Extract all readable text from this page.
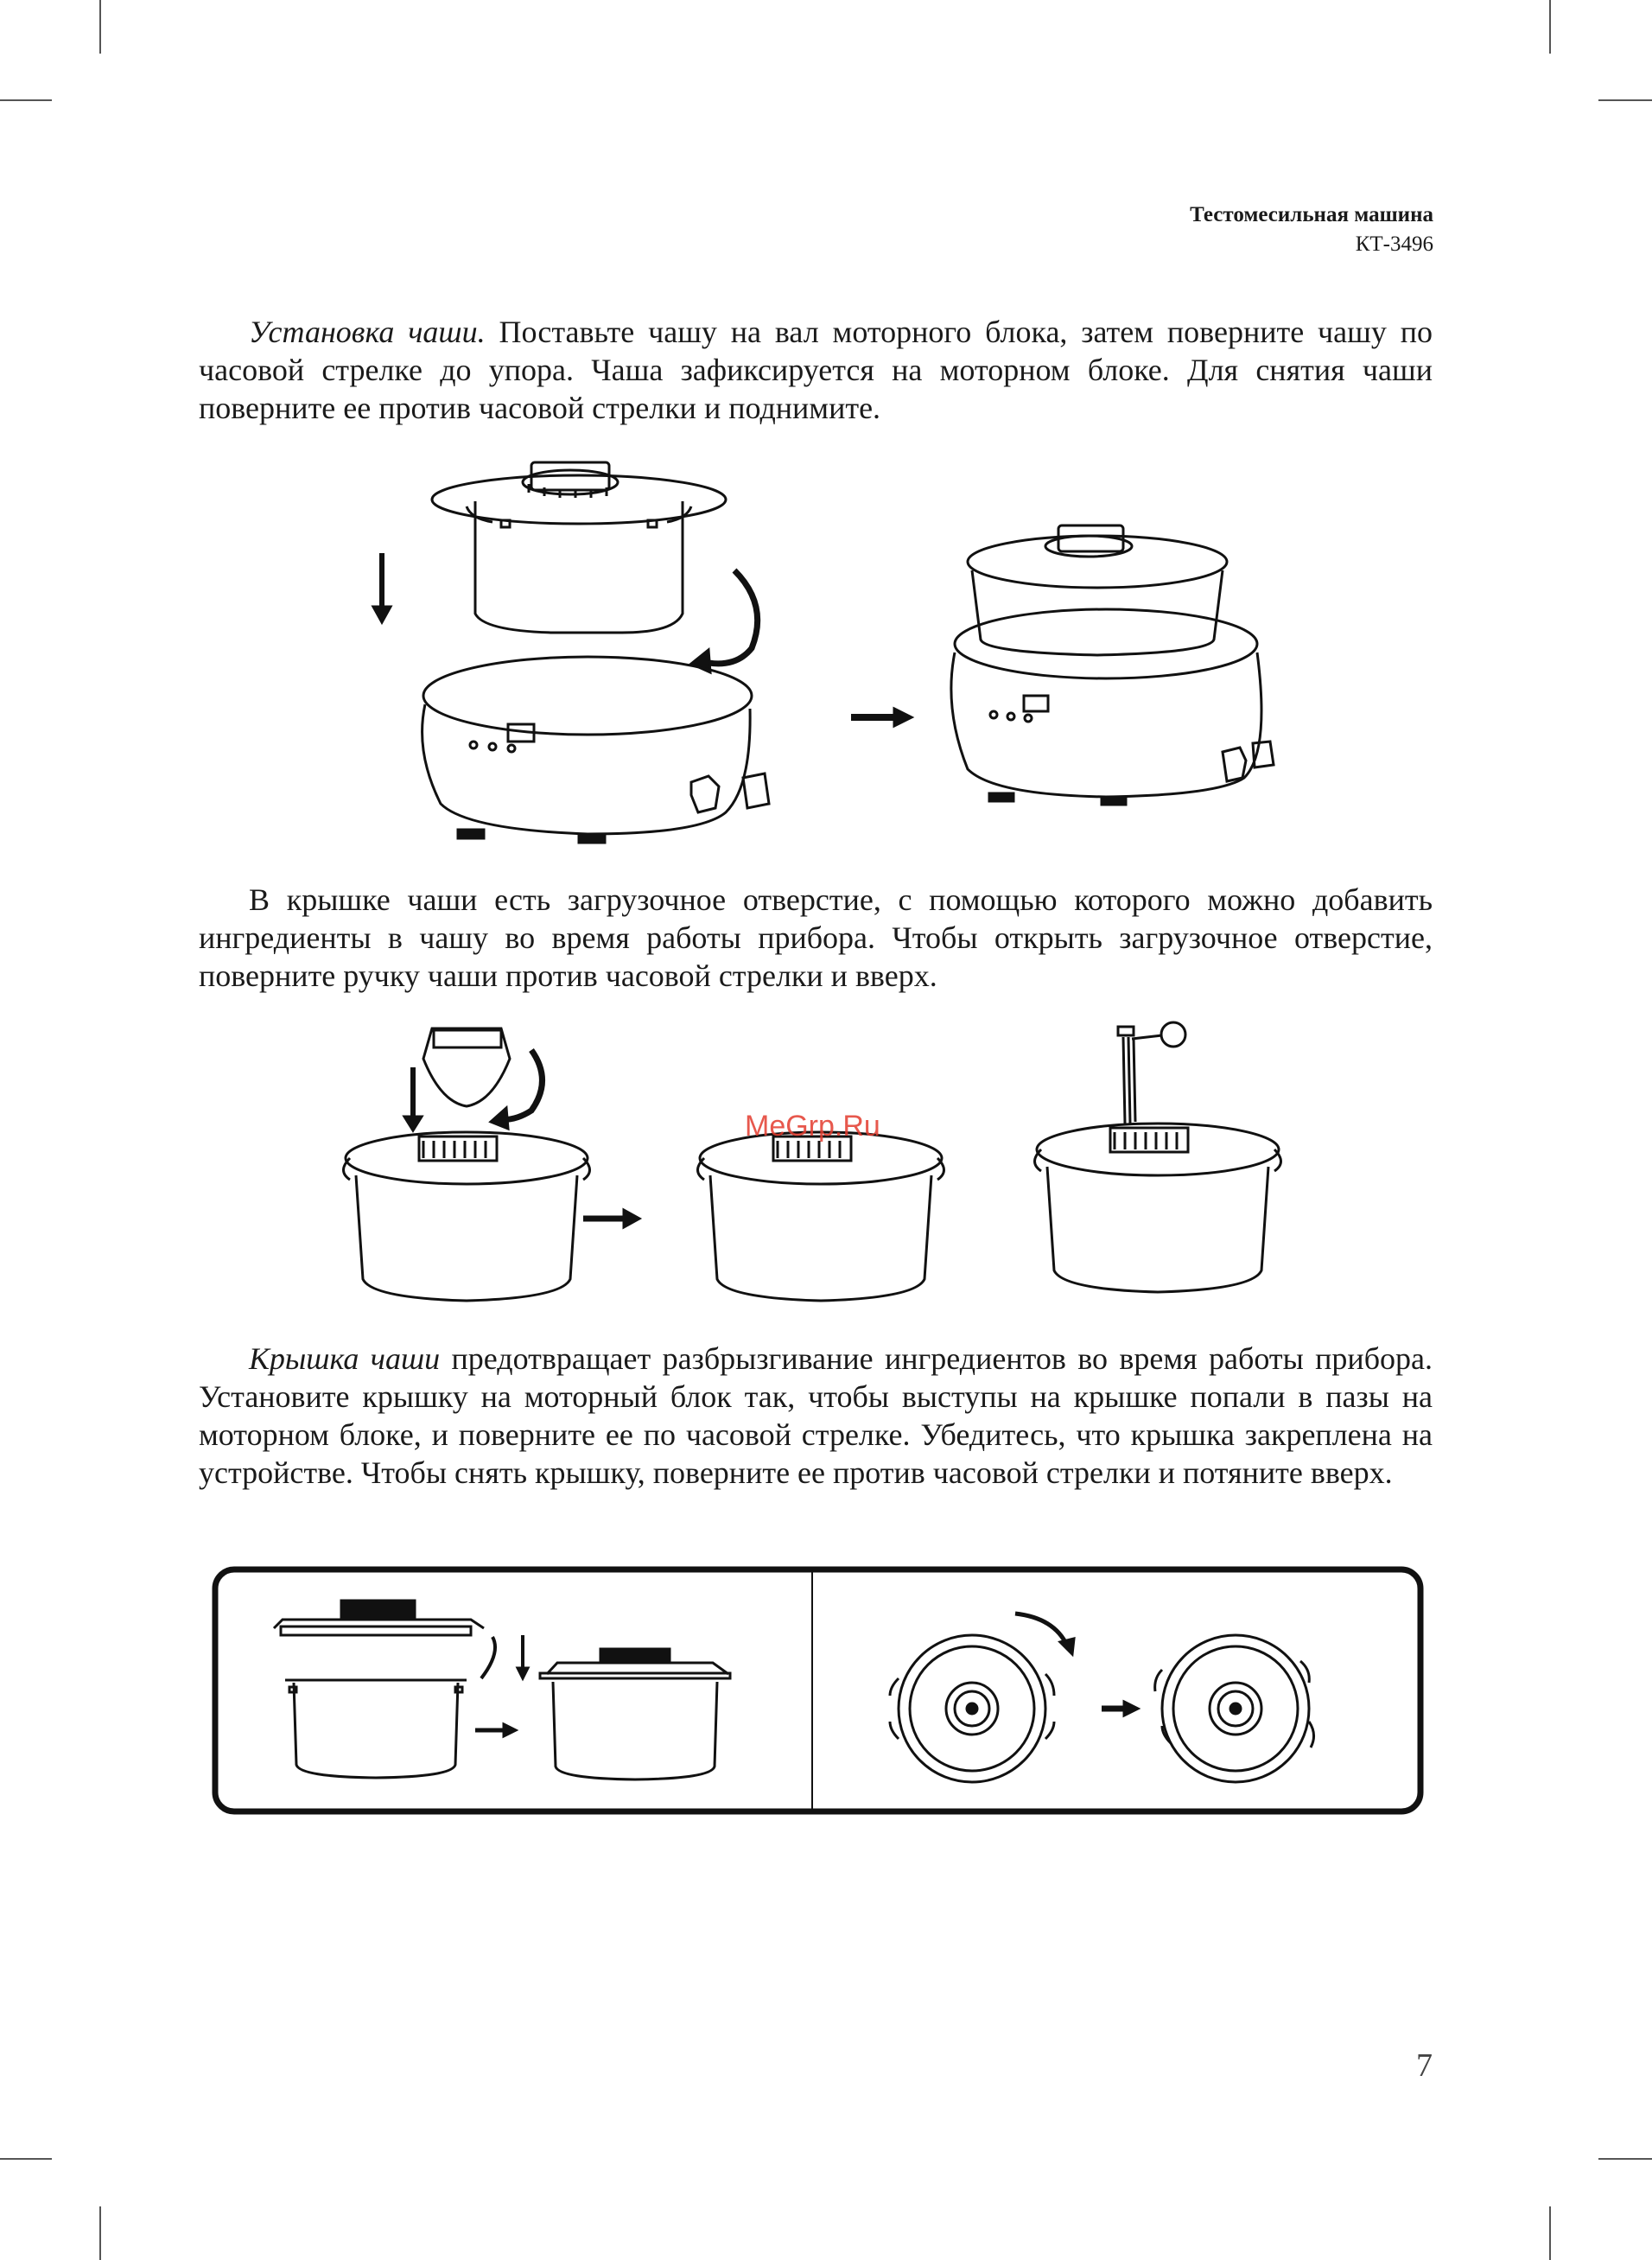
Тестомесильная машина
КТ-3496

Установка чаши. Поставьте чашу на вал моторного блока, затем поверните чашу по часовой стрелке до упора. Чаша зафиксируется на моторном блоке. Для снятия чаши поверните ее против часовой стрелки и поднимите.

В крышке чаши есть загрузочное отверстие, с помощью которого можно добавить ингредиенты в чашу во время работы прибора. Чтобы открыть загрузочное отверстие, поверните ручку чаши против часовой стрелки и вверх.

MeGrp.Ru

Крышка чаши предотвращает разбрызгивание ингредиентов во время работы прибора. Установите крышку на моторный блок так, чтобы выступы на крышке попали в пазы на моторном блоке, и поверните ее по часовой стрелке. Убедитесь, что крышка закреплена на устройстве. Чтобы снять крышку, поверните ее против часовой стрелки и потяните вверх.

7
